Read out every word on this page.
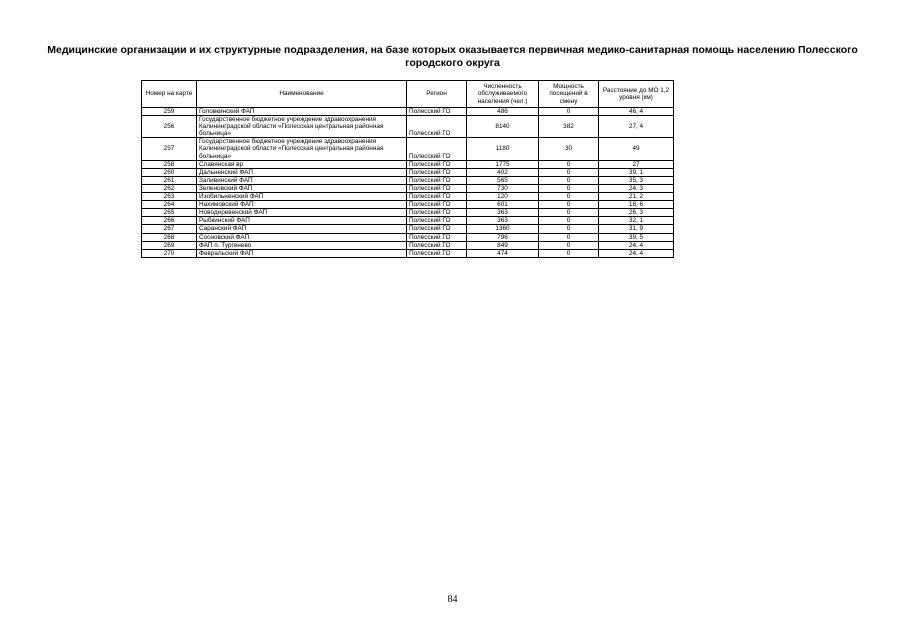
Медицинские организации и их структурные подразделения, на базе которых оказывается первичная медико-санитарная помощь населению Полесского
городского округа
Номер на карте	Наименование	Регион	Численность обслуживаемого населения (чел.)	Мощность посещений в смену	Расстояние до МО 1,2 уровня (км)
259	Головкинский ФАП	Полесский ГО	486	0	46, 4
256	Государственное бюджетное учреждение здравоохранения Калининградской области «Полесская центральная районная больница»	Полесский ГО	8140	382	27, 4
257	Государственное бюджетное учреждение здравоохранения Калининградской области «Полесская центральная районная больница»	Полесский ГО	1180	30	49
258	Славянская вр	Полесский ГО	1775	0	27
260	Дальненский ФАП	Полесский ГО	402	0	39, 1
261	Заливинский ФАП	Полесский ГО	565	0	35, 3
262	Зеленовский ФАП	Полесский ГО	730	0	24, 3
263	Изобильненский ФАП	Полесский ГО	120	0	21, 2
264	Нахимовский ФАП	Полесский ГО	601	0	18, 6
265	Новодеревенский ФАП	Полесский ГО	363	0	26, 3
266	Рыбкинский ФАП	Полесский ГО	363	0	32, 1
267	Саранский ФАП	Полесский ГО	1360	0	31, 9
268	Сосновский ФАП	Полесский ГО	796	0	39, 5
269	ФАП п. Тургенево	Полесский ГО	849	0	24, 4
270	Февральский ФАП	Полесский ГО	474	0	24, 4
84
